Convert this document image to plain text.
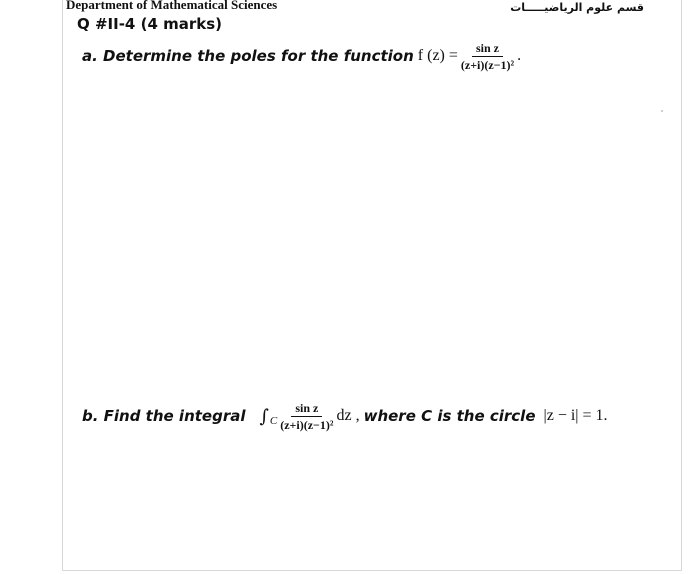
Department of Mathematical Sciences	قسم علوم الرياضيـــــات
Q #II-4 (4 marks)
a. Determine the poles for the function f $(z) = \frac{\text{sin z}}{\text{(z+i)(z−1)²}}$ .
b. Find the integral ∫ C $\frac{\text{sin z}}{\text{(z+i)(z−1)²}}$ dz , where C is the circle |z − i| = 1.
